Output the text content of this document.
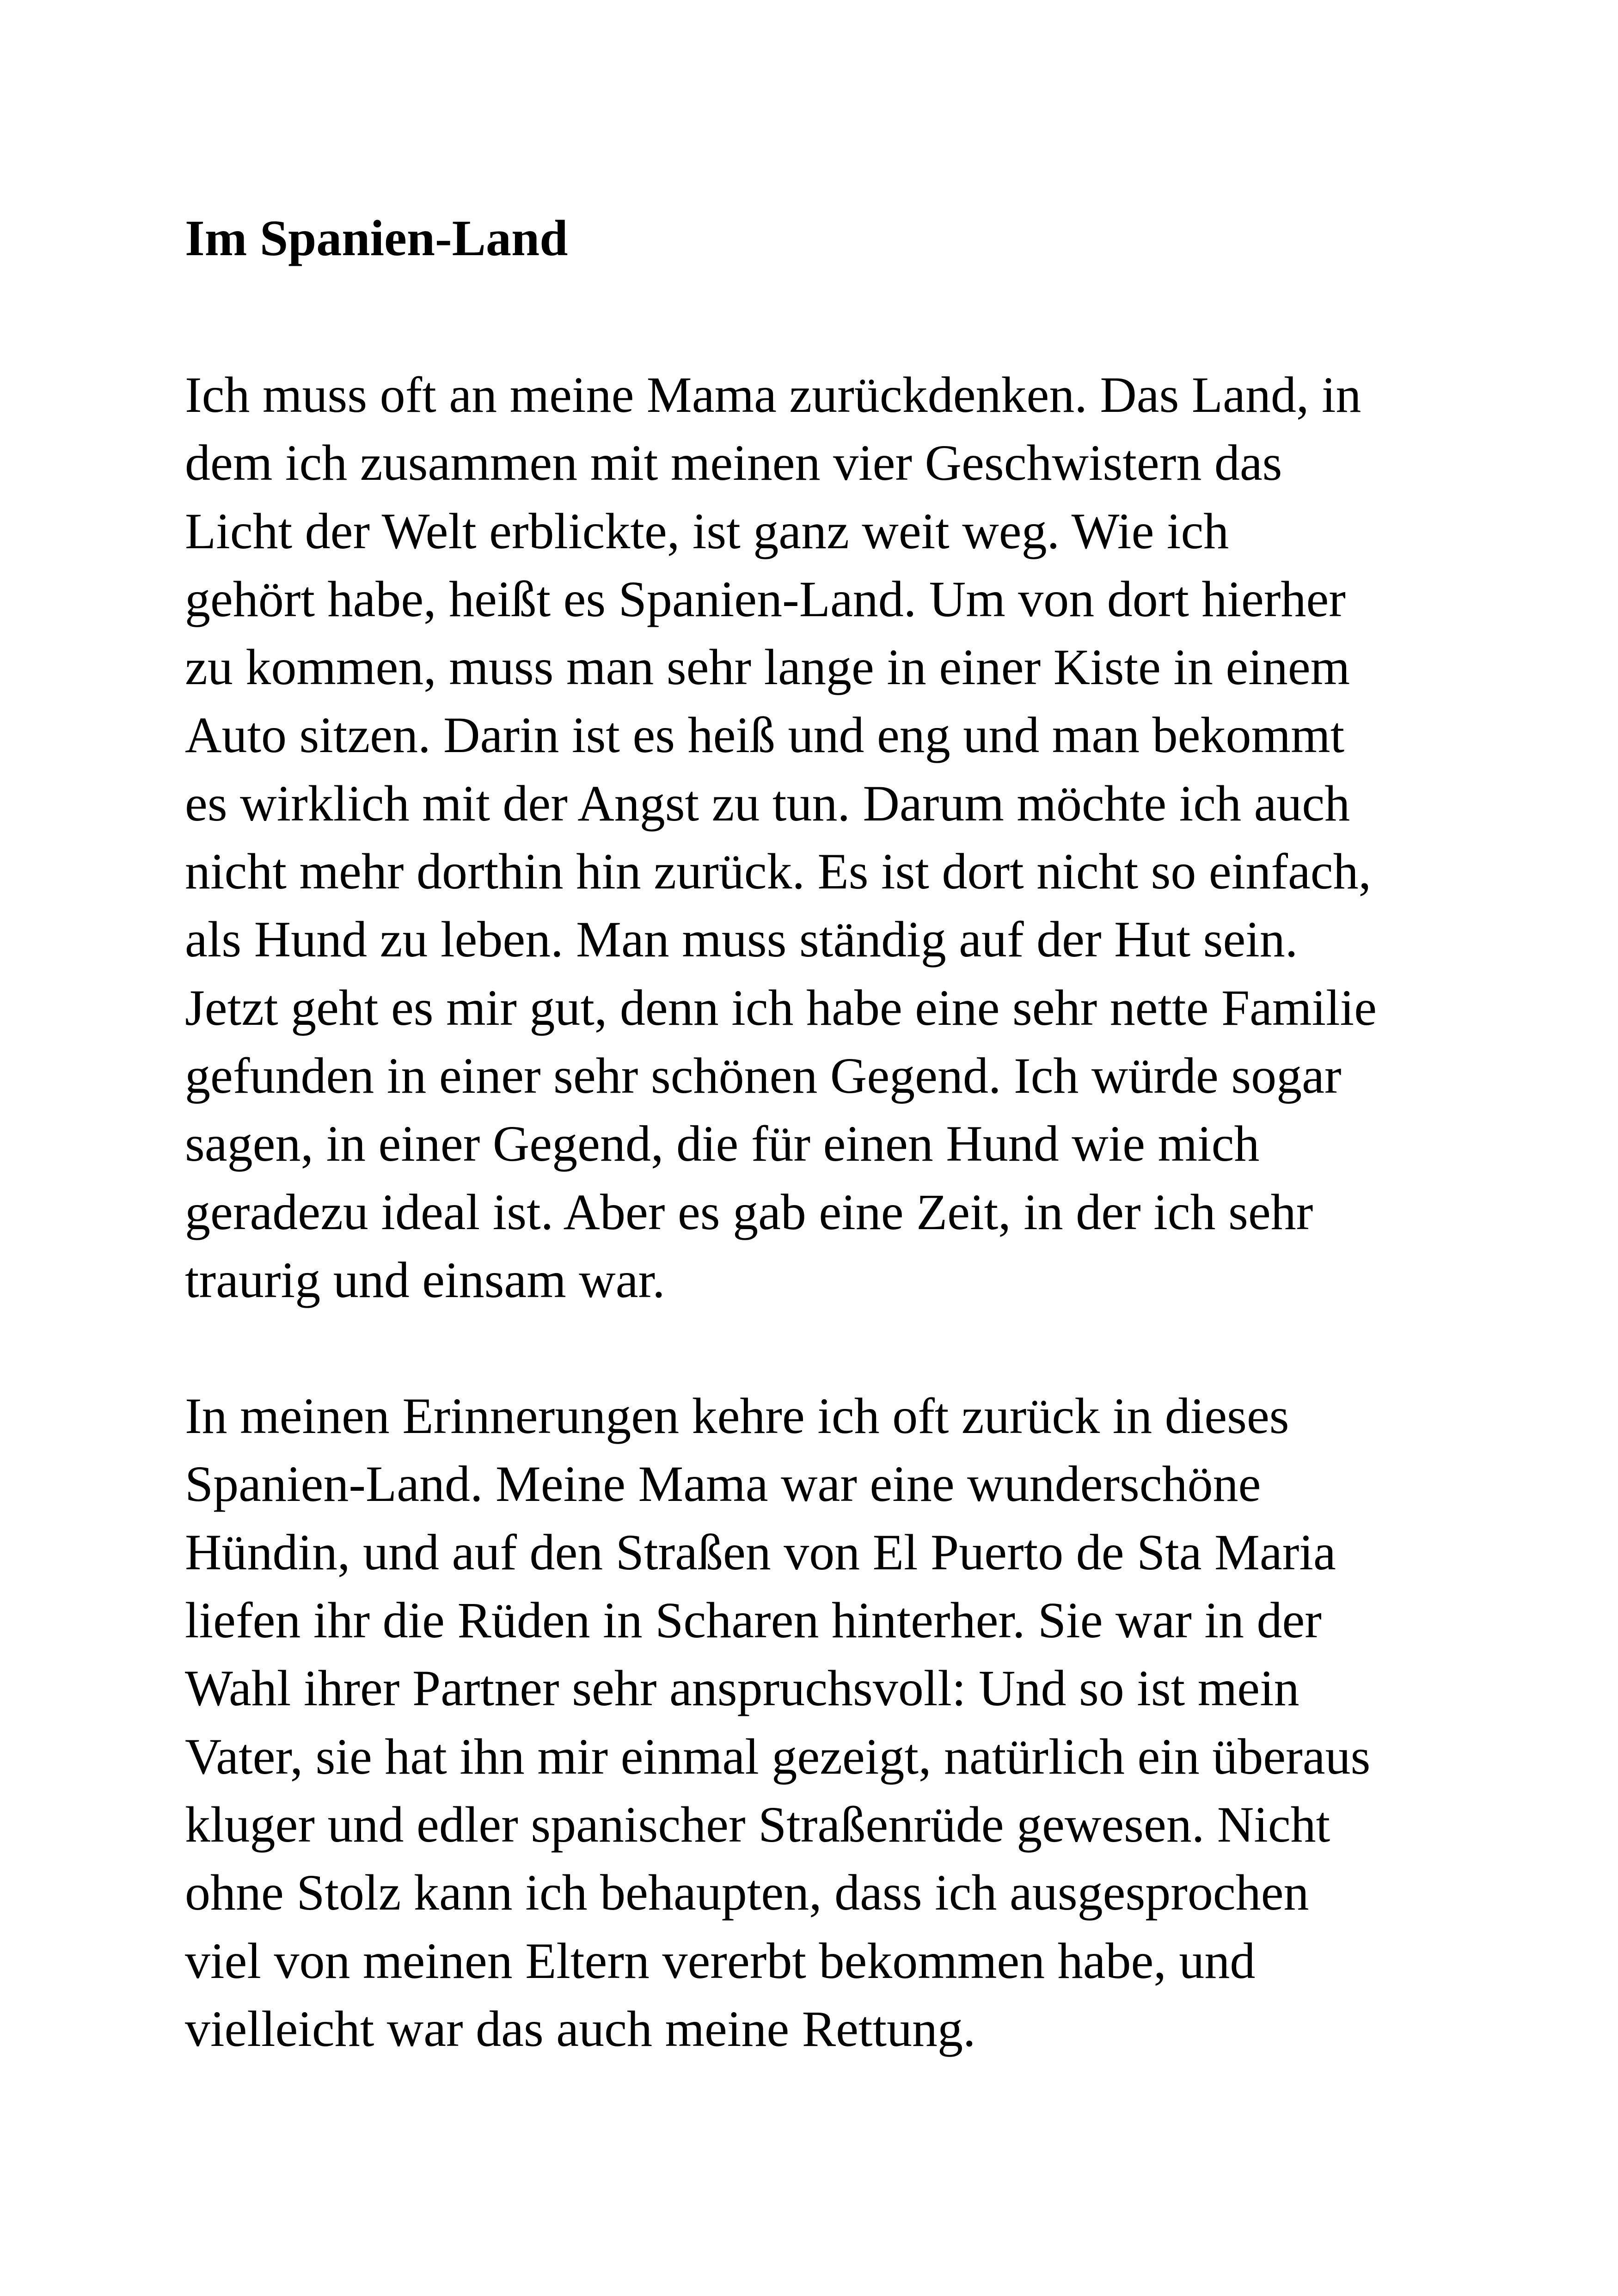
Im Spanien-Land

Ich muss oft an meine Mama zurückdenken. Das Land, in
dem ich zusammen mit meinen vier Geschwistern das
Licht der Welt erblickte, ist ganz weit weg. Wie ich
gehört habe, heißt es Spanien-Land. Um von dort hierher
zu kommen, muss man sehr lange in einer Kiste in einem
Auto sitzen. Darin ist es heiß und eng und man bekommt
es wirklich mit der Angst zu tun. Darum möchte ich auch
nicht mehr dorthin hin zurück. Es ist dort nicht so einfach,
als Hund zu leben. Man muss ständig auf der Hut sein.
Jetzt geht es mir gut, denn ich habe eine sehr nette Familie
gefunden in einer sehr schönen Gegend. Ich würde sogar
sagen, in einer Gegend, die für einen Hund wie mich
geradezu ideal ist. Aber es gab eine Zeit, in der ich sehr
traurig und einsam war.

In meinen Erinnerungen kehre ich oft zurück in dieses
Spanien-Land. Meine Mama war eine wunderschöne
Hündin, und auf den Straßen von El Puerto de Sta Maria
liefen ihr die Rüden in Scharen hinterher. Sie war in der
Wahl ihrer Partner sehr anspruchsvoll: Und so ist mein
Vater, sie hat ihn mir einmal gezeigt, natürlich ein überaus
kluger und edler spanischer Straßenrüde gewesen. Nicht
ohne Stolz kann ich behaupten, dass ich ausgesprochen
viel von meinen Eltern vererbt bekommen habe, und
vielleicht war das auch meine Rettung.
